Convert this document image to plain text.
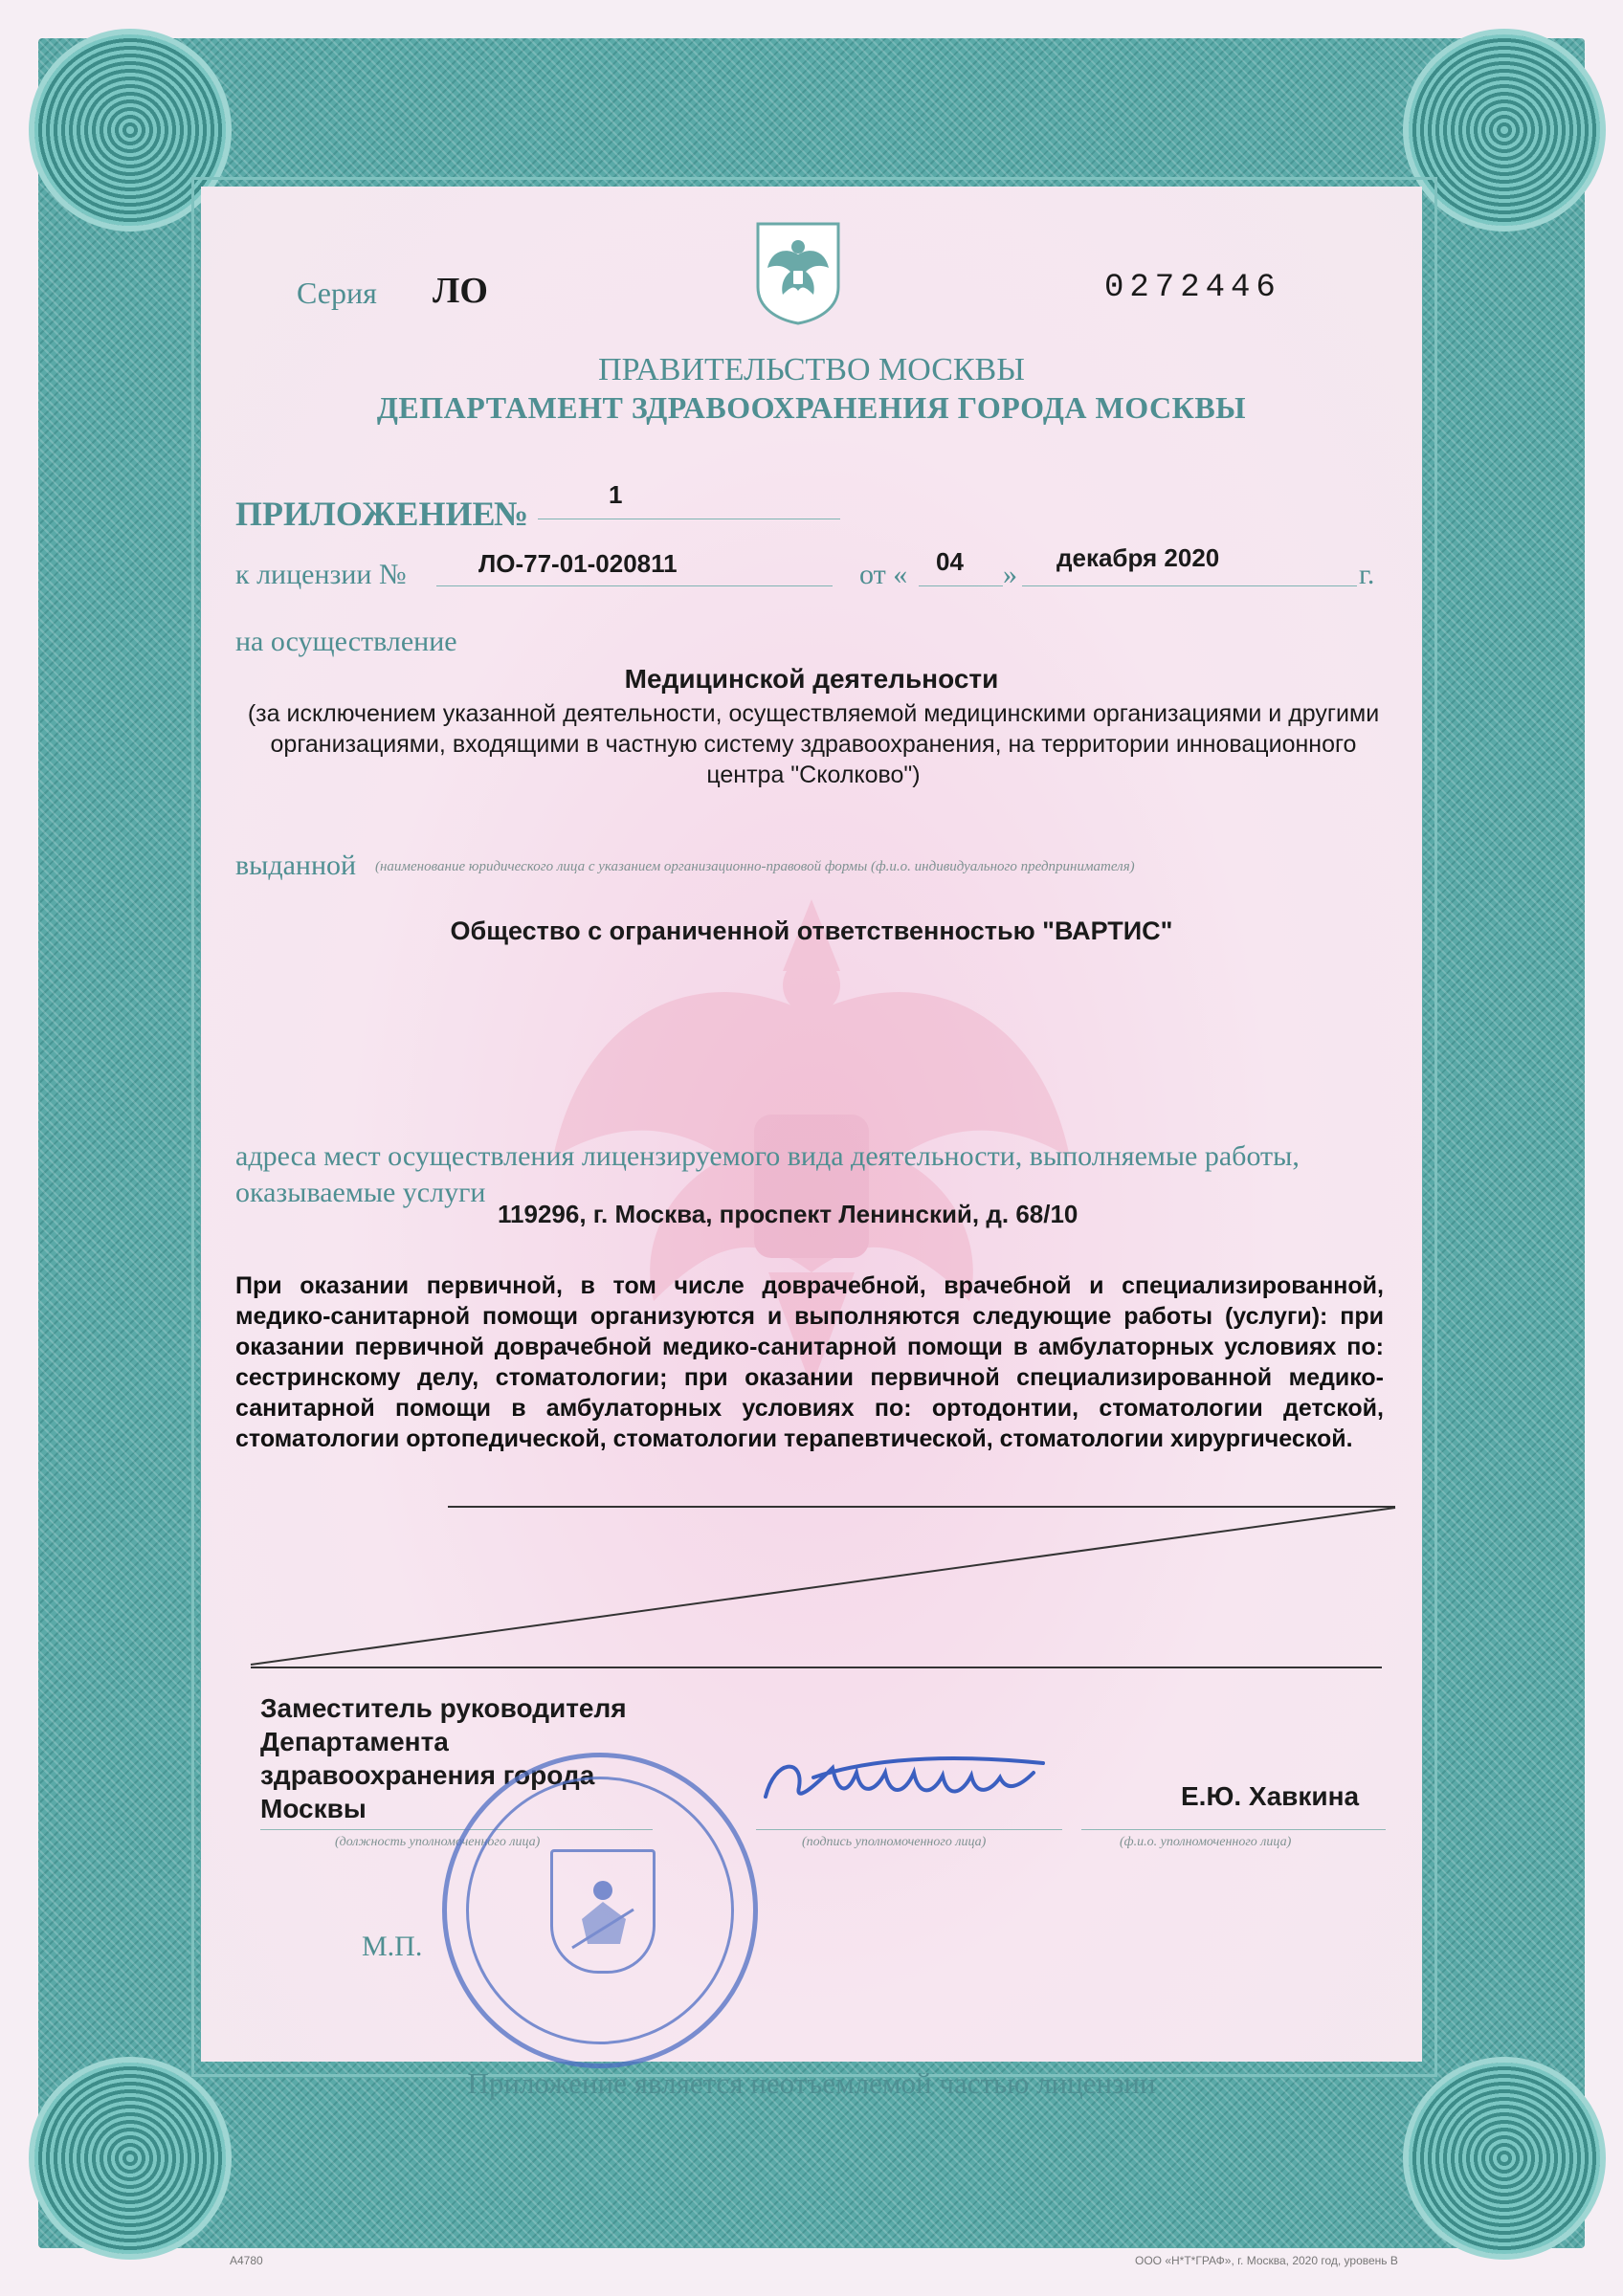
Серия ЛО	0272446
ПРАВИТЕЛЬСТВО МОСКВЫ
ДЕПАРТАМЕНТ ЗДРАВООХРАНЕНИЯ ГОРОДА МОСКВЫ
ПРИЛОЖЕНИЕ
№	1
к лицензии №	ЛО-77-01-020811	от « 04 »
декабря 2020
г.
на осуществление
Медицинской деятельности
(за исключением указанной деятельности, осуществляемой медицинскими организациями и другими организациями, входящими в частную систему здравоохранения, на территории инновационного центра "Сколково")
выданной (наименование юридического лица с указанием организационно-правовой формы (ф.и.о. индивидуального предпринимателя)
Общество с ограниченной ответственностью "ВАРТИС"
адреса мест осуществления лицензируемого вида деятельности, выполняемые работы,
оказываемые услуги
119296, г. Москва, проспект Ленинский, д. 68/10
При оказании первичной, в том числе доврачебной, врачебной и специализированной, медико-санитарной помощи организуются и выполняются следующие работы (услуги): при оказании первичной доврачебной медико-санитарной помощи в амбулаторных условиях по: сестринскому делу, стоматологии; при оказании первичной специализированной медико-санитарной помощи в амбулаторных условиях по: ортодонтии, стоматологии детской, стоматологии ортопедической, стоматологии терапевтической, стоматологии хирургической.
Заместитель руководителя
Департамента
здравоохранения города
Москвы
(должность уполномоченного лица)	(подпись уполномоченного лица)
Е.Ю. Хавкина
(ф.и.о. уполномоченного лица)
М.П.
Приложение является неотъемлемой частью лицензии
А4780	ООО «Н*Т*ГРАФ», г. Москва, 2020 год, уровень В
